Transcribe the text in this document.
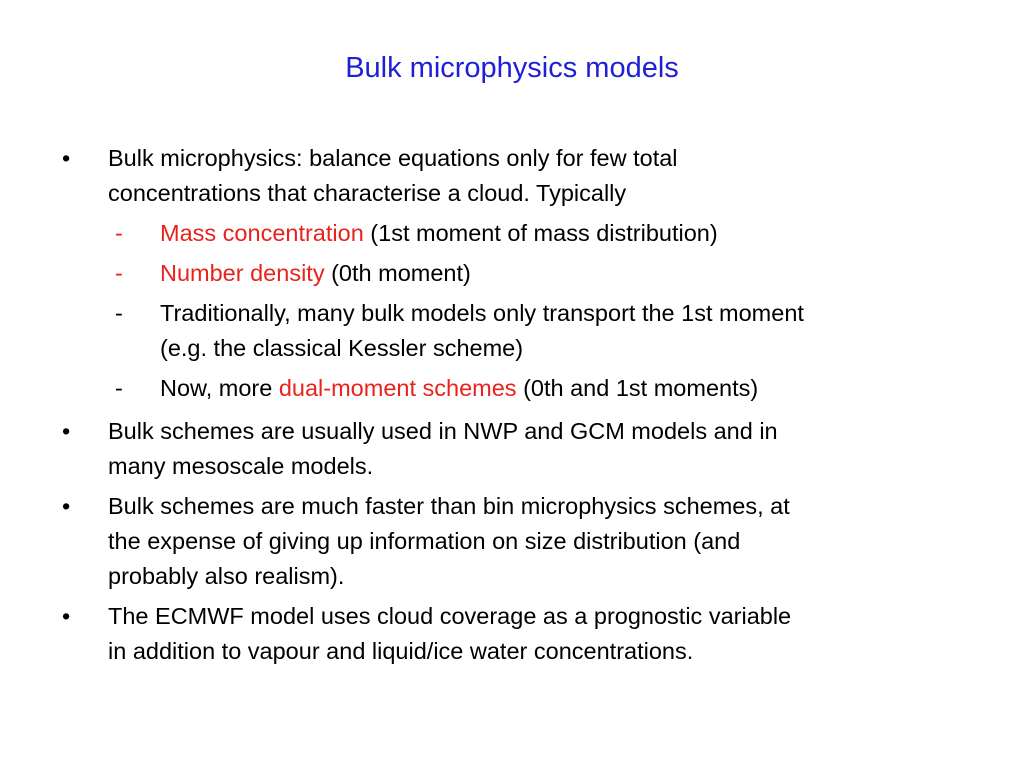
Bulk microphysics models
• Bulk microphysics: balance equations only for few total

concentrations that characterise a cloud. Typically

- Mass concentration (1st moment of mass distribution)

- Number density (0th moment)

- Traditionally, many bulk models only transport the 1st moment

(e.g. the classical Kessler scheme)

- Now, more dual-moment schemes (0th and 1st moments)

• Bulk schemes are usually used in NWP and GCM models and in

many mesoscale models.

• Bulk schemes are much faster than bin microphysics schemes, at

the expense of giving up information on size distribution (and

probably also realism).

• The ECMWF model uses cloud coverage as a prognostic variable

in addition to vapour and liquid/ice water concentrations.
